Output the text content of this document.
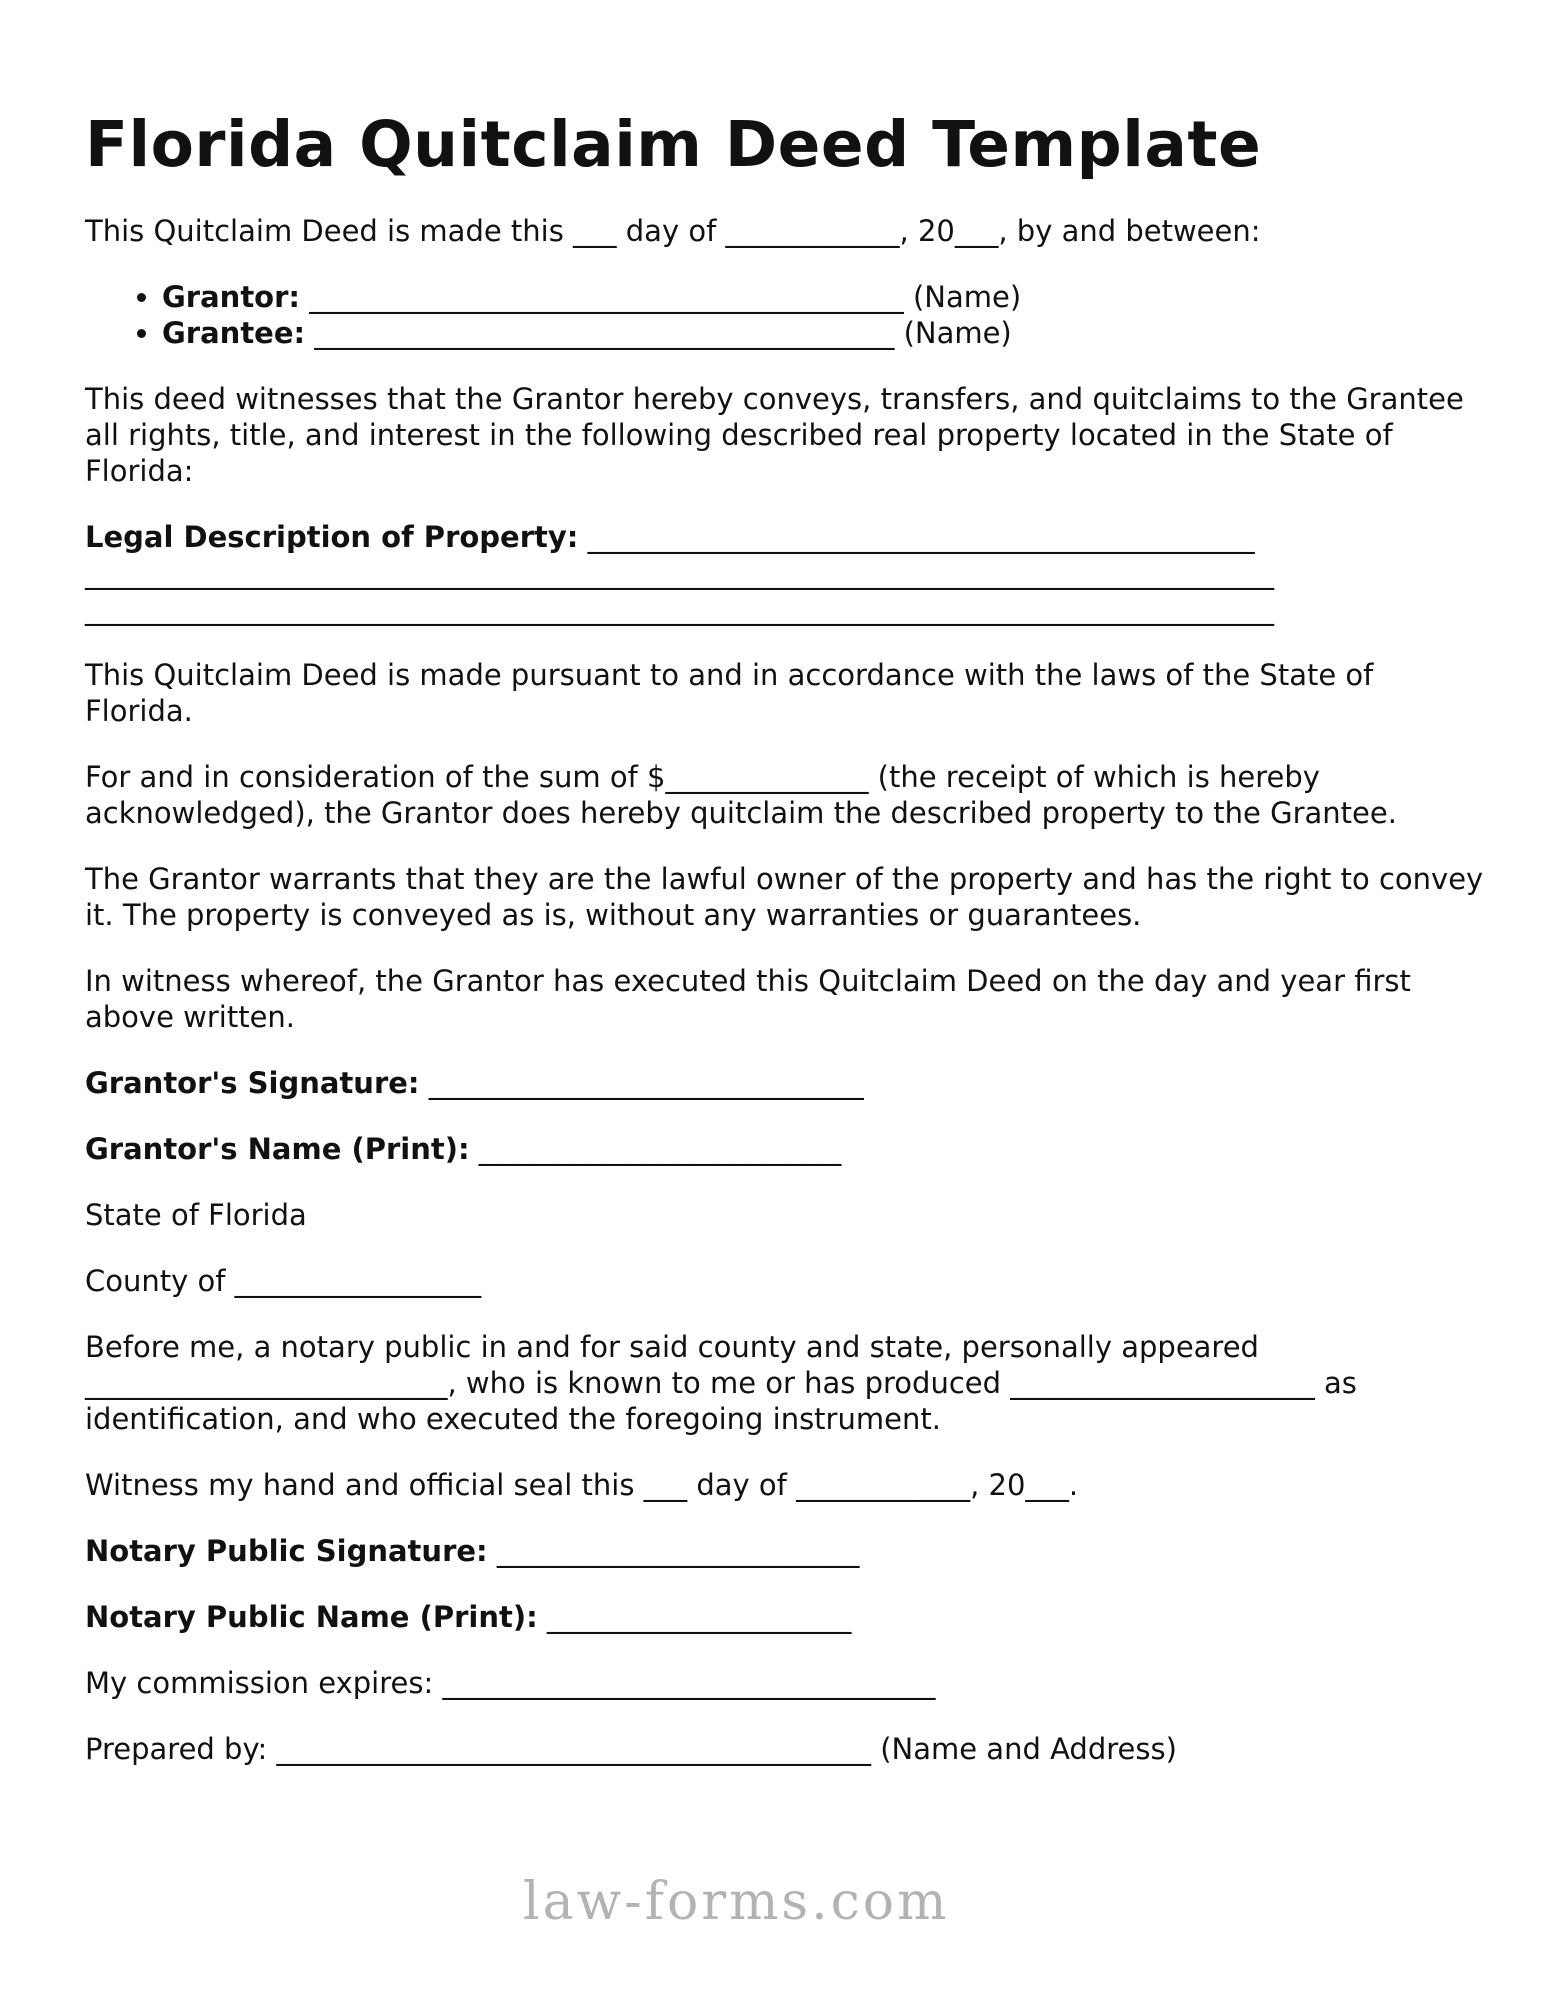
Florida Quitclaim Deed Template

This Quitclaim Deed is made this ___ day of ____________, 20___, by and between:

• Grantor: _________________________________________ (Name)
• Grantee: ________________________________________ (Name)

This deed witnesses that the Grantor hereby conveys, transfers, and quitclaims to the Grantee all rights, title, and interest in the following described real property located in the State of Florida:

Legal Description of Property: ______________________________________________
__________________________________________________________________________________
__________________________________________________________________________________

This Quitclaim Deed is made pursuant to and in accordance with the laws of the State of Florida.

For and in consideration of the sum of $______________ (the receipt of which is hereby acknowledged), the Grantor does hereby quitclaim the described property to the Grantee.

The Grantor warrants that they are the lawful owner of the property and has the right to convey it. The property is conveyed as is, without any warranties or guarantees.

In witness whereof, the Grantor has executed this Quitclaim Deed on the day and year first above written.

Grantor's Signature: ______________________________

Grantor's Name (Print): _________________________

State of Florida

County of _________________

Before me, a notary public in and for said county and state, personally appeared _________________________, who is known to me or has produced _____________________ as identification, and who executed the foregoing instrument.

Witness my hand and official seal this ___ day of ____________, 20___.

Notary Public Signature: _________________________

Notary Public Name (Print): _____________________

My commission expires: __________________________________

Prepared by: _________________________________________ (Name and Address)

law-forms.com
